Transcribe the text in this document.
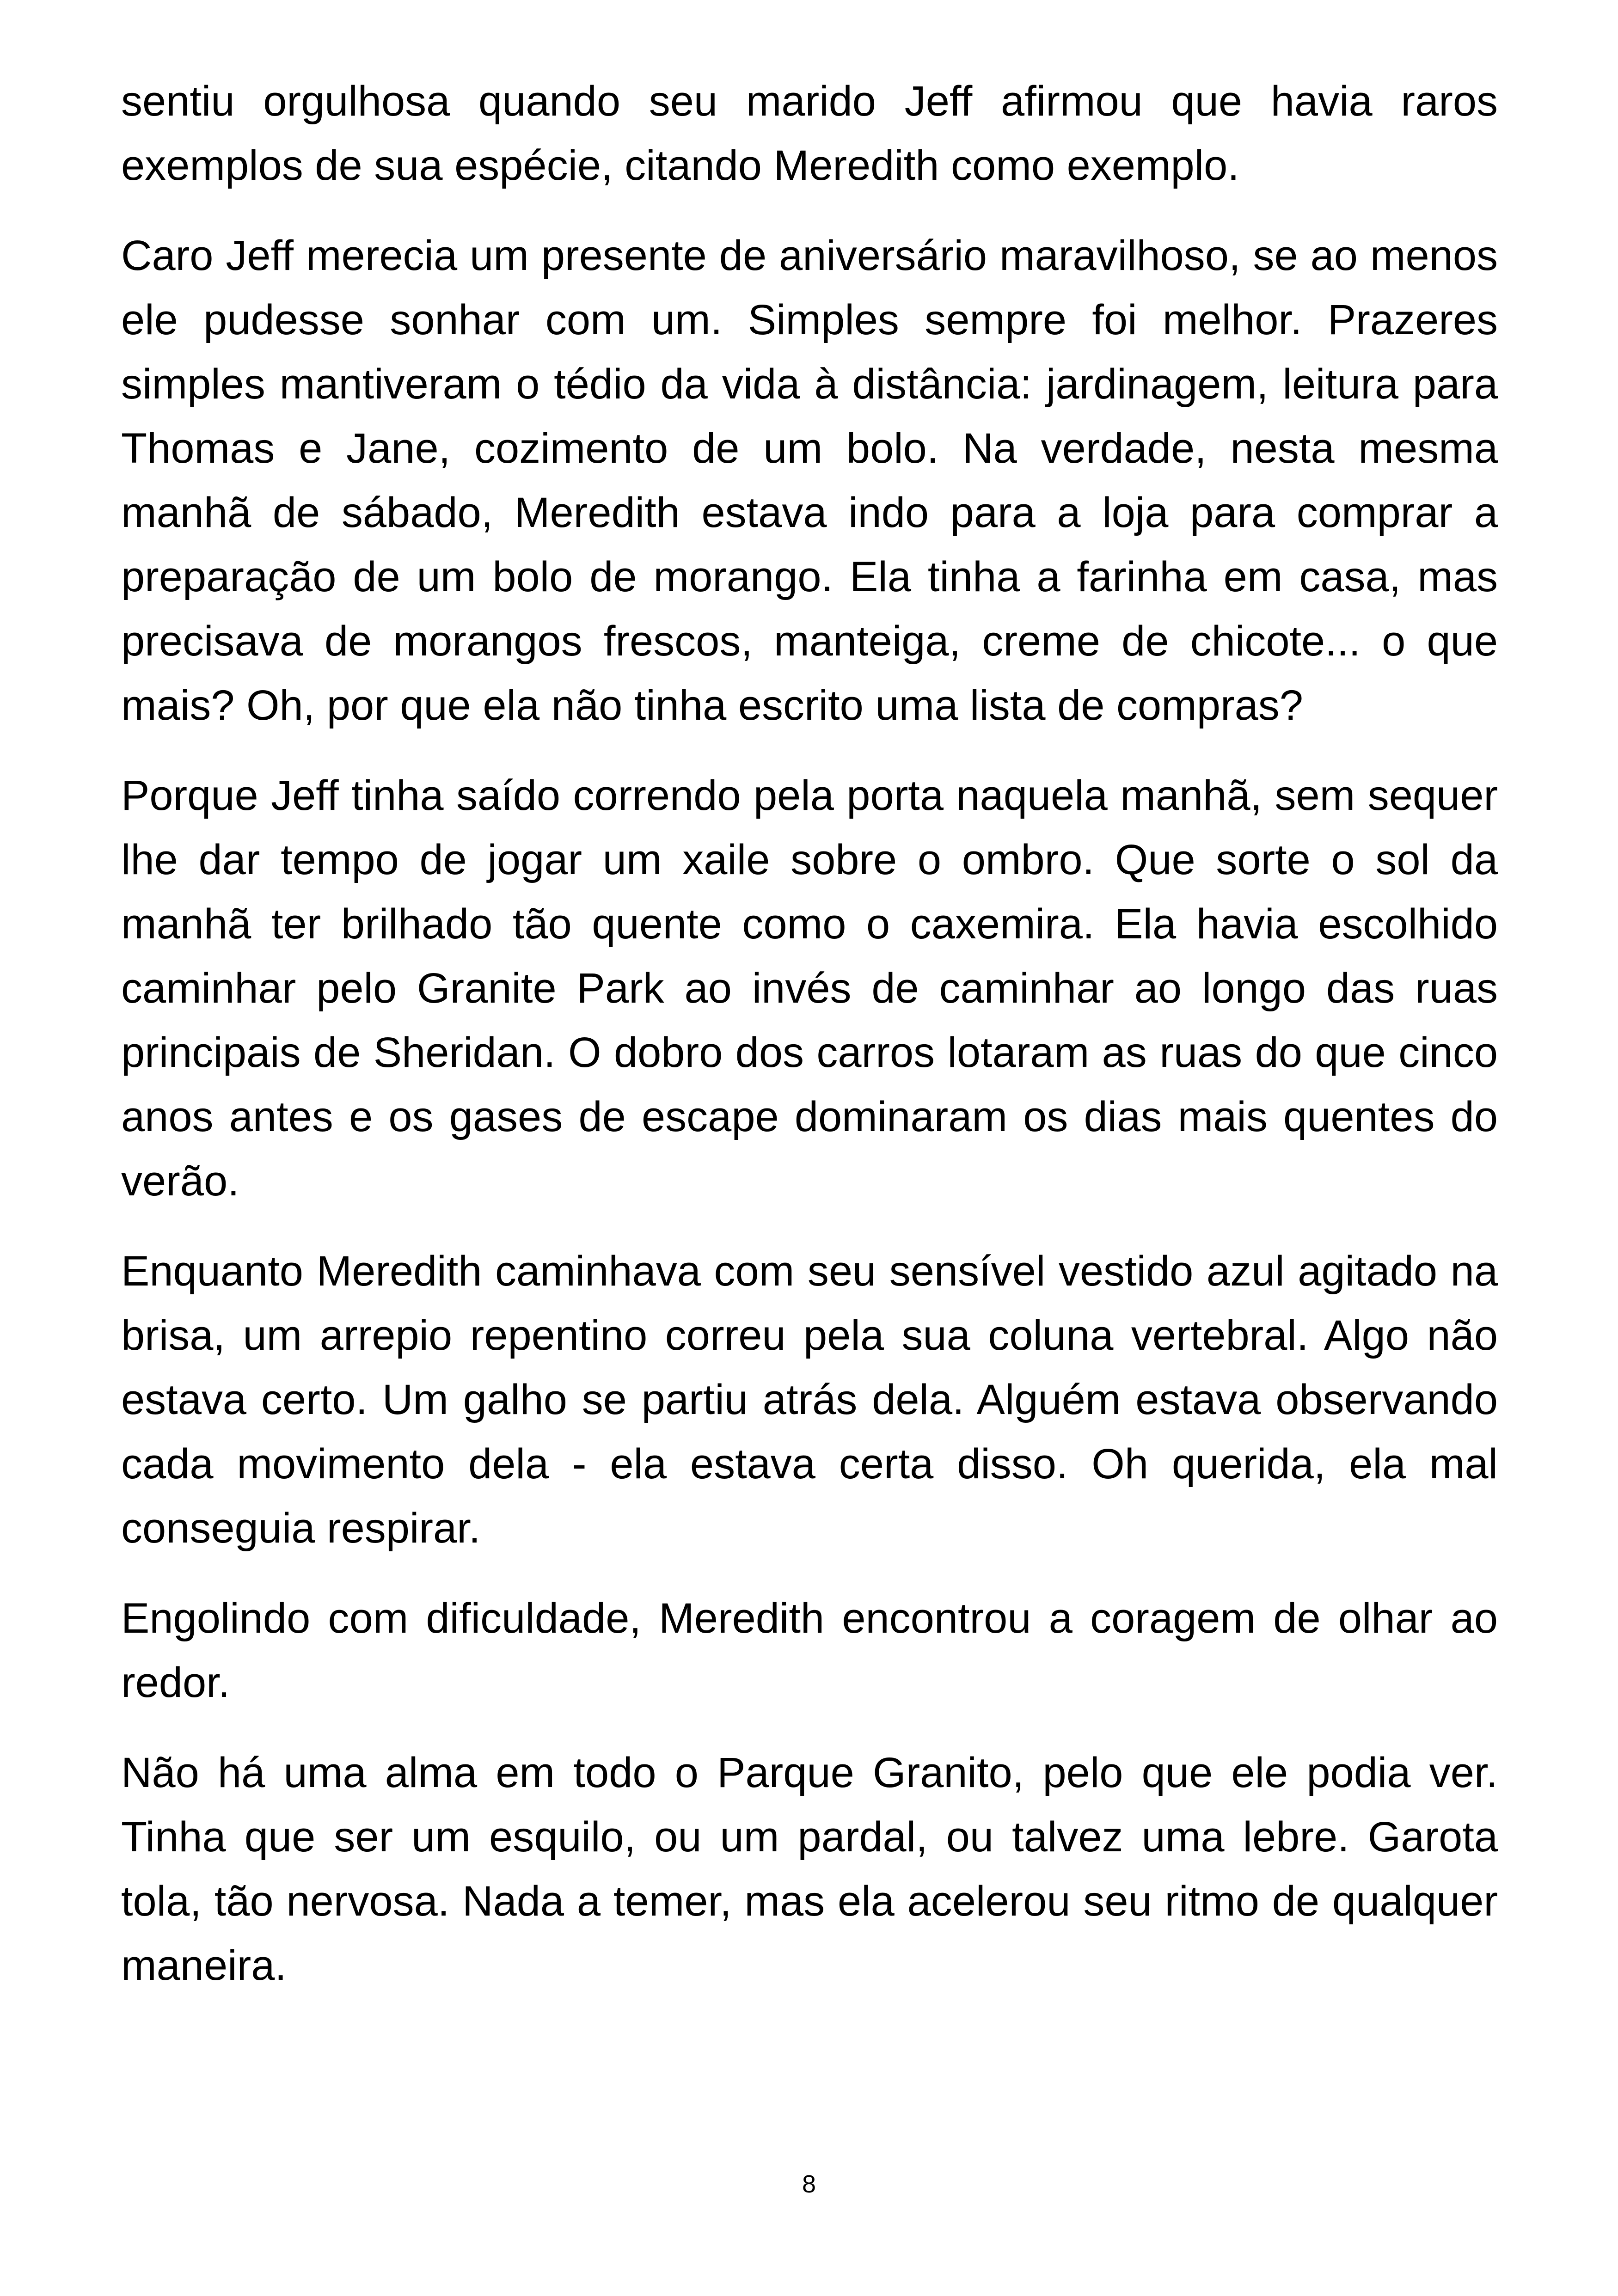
sentiu orgulhosa quando seu marido Jeff afirmou que havia raros exemplos de sua espécie, citando Meredith como exemplo.

Caro Jeff merecia um presente de aniversário maravilhoso, se ao menos ele pudesse sonhar com um. Simples sempre foi melhor. Prazeres simples mantiveram o tédio da vida à distância: jardinagem, leitura para Thomas e Jane, cozimento de um bolo. Na verdade, nesta mesma manhã de sábado, Meredith estava indo para a loja para comprar a preparação de um bolo de morango. Ela tinha a farinha em casa, mas precisava de morangos frescos, manteiga, creme de chicote... o que mais? Oh, por que ela não tinha escrito uma lista de compras?

Porque Jeff tinha saído correndo pela porta naquela manhã, sem sequer lhe dar tempo de jogar um xaile sobre o ombro. Que sorte o sol da manhã ter brilhado tão quente como o caxemira. Ela havia escolhido caminhar pelo Granite Park ao invés de caminhar ao longo das ruas principais de Sheridan. O dobro dos carros lotaram as ruas do que cinco anos antes e os gases de escape dominaram os dias mais quentes do verão.

Enquanto Meredith caminhava com seu sensível vestido azul agitado na brisa, um arrepio repentino correu pela sua coluna vertebral. Algo não estava certo. Um galho se partiu atrás dela. Alguém estava observando cada movimento dela - ela estava certa disso. Oh querida, ela mal conseguia respirar.

Engolindo com dificuldade, Meredith encontrou a coragem de olhar ao redor.

Não há uma alma em todo o Parque Granito, pelo que ele podia ver. Tinha que ser um esquilo, ou um pardal, ou talvez uma lebre. Garota tola, tão nervosa. Nada a temer, mas ela acelerou seu ritmo de qualquer maneira.

8
